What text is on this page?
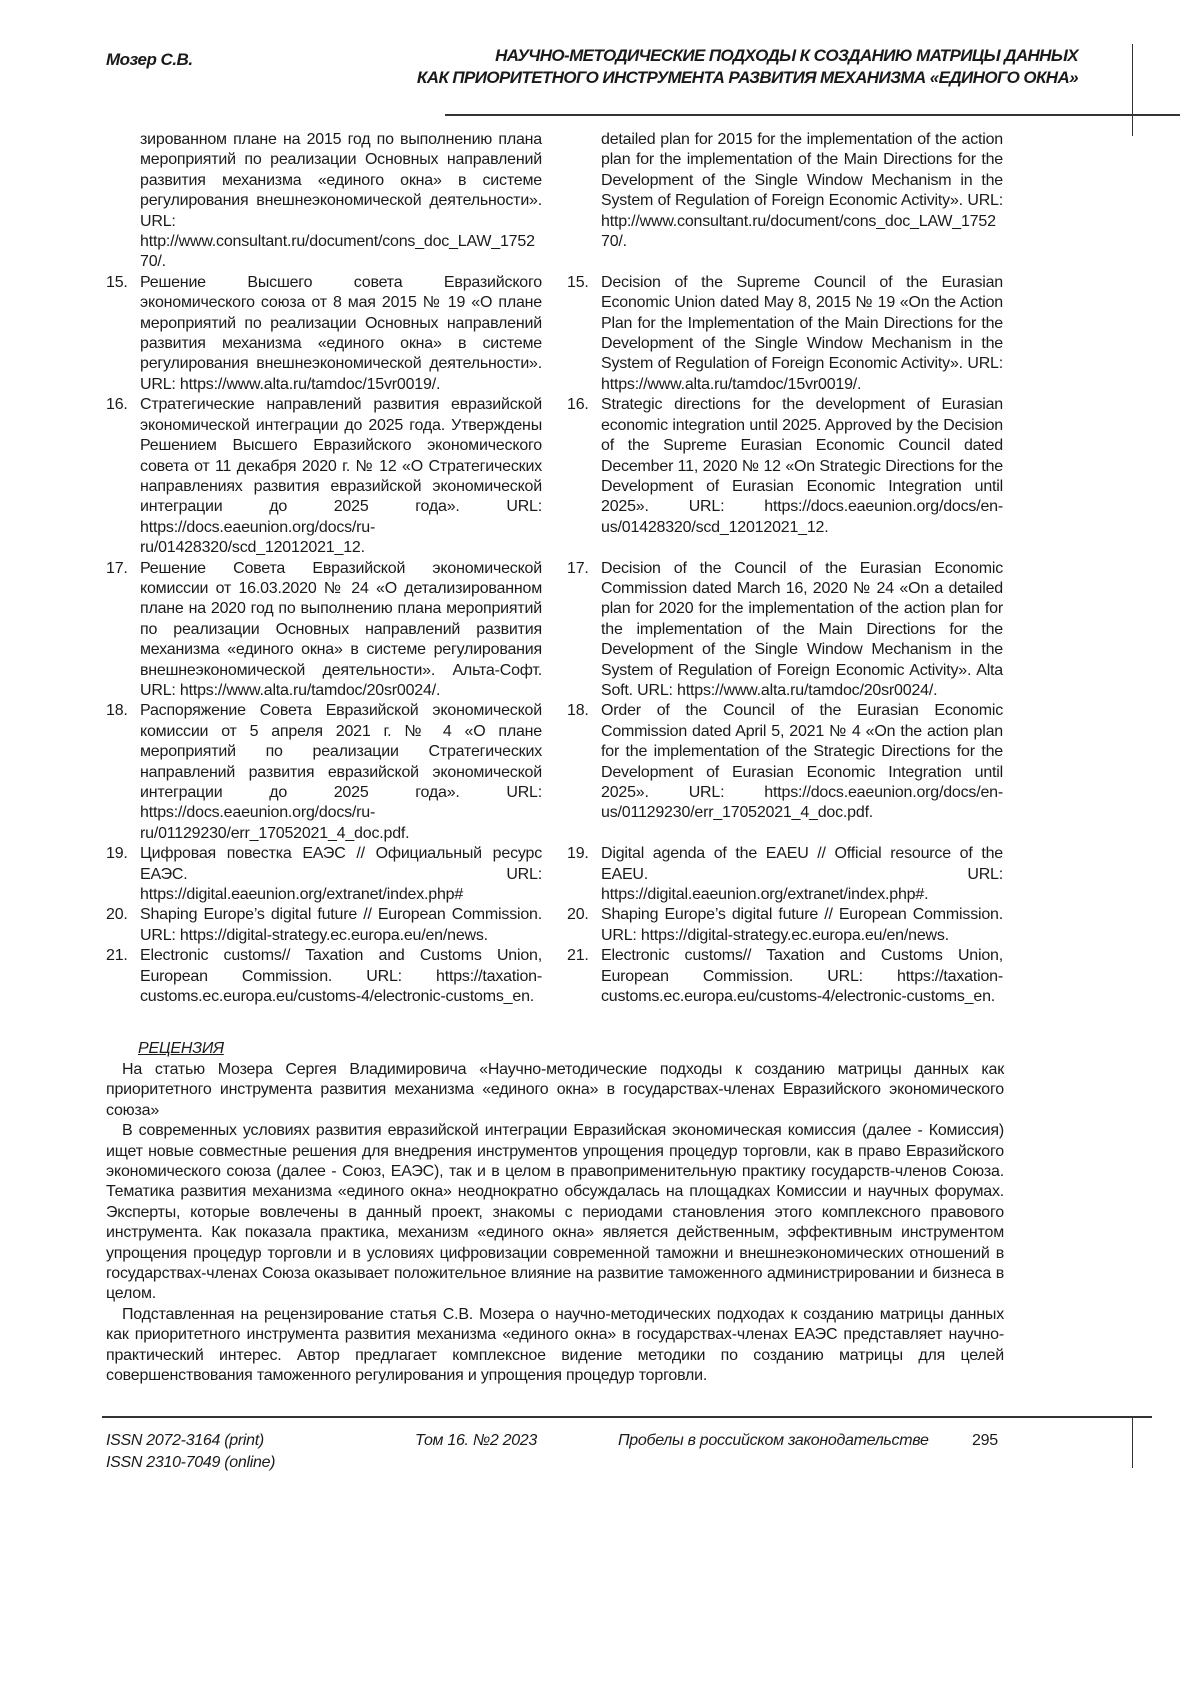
Мозер С.В.	НАУЧНО-МЕТОДИЧЕСКИЕ ПОДХОДЫ К СОЗДАНИЮ МАТРИЦЫ ДАННЫХ
КАК ПРИОРИТЕТНОГО ИНСТРУМЕНТА РАЗВИТИЯ МЕХАНИЗМА «ЕДИНОГО ОКНА»
зированном плане на 2015 год по выполнению плана мероприятий по реализации Основных направлений развития механизма «единого окна» в системе регулирования внешнеэкономической деятельности». URL: http://www.consultant.ru/document/cons_doc_LAW_175270/.
detailed plan for 2015 for the implementation of the action plan for the implementation of the Main Directions for the Development of the Single Window Mechanism in the System of Regulation of Foreign Economic Activity». URL: http://www.consultant.ru/document/cons_doc_LAW_175270/.
15. Решение Высшего совета Евразийского экономического союза от 8 мая 2015 № 19 «О плане мероприятий по реализации Основных направлений развития механизма «единого окна» в системе регулирования внешнеэкономической деятельности». URL: https://www.alta.ru/tamdoc/15vr0019/.
15. Decision of the Supreme Council of the Eurasian Economic Union dated May 8, 2015 № 19 «On the Action Plan for the Implementation of the Main Directions for the Development of the Single Window Mechanism in the System of Regulation of Foreign Economic Activity». URL: https://www.alta.ru/tamdoc/15vr0019/.
16. Стратегические направлений развития евразийской экономической интеграции до 2025 года. Утверждены Решением Высшего Евразийского экономического совета от 11 декабря 2020 г. № 12 «О Стратегических направлениях развития евразийской экономической интеграции до 2025 года». URL: https://docs.eaeunion.org/docs/ru-ru/01428320/scd_12012021_12.
16. Strategic directions for the development of Eurasian economic integration until 2025. Approved by the Decision of the Supreme Eurasian Economic Council dated December 11, 2020 № 12 «On Strategic Directions for the Development of Eurasian Economic Integration until 2025». URL: https://docs.eaeunion.org/docs/en-us/01428320/scd_12012021_12.
17. Решение Совета Евразийской экономической комиссии от 16.03.2020 № 24 «О детализированном плане на 2020 год по выполнению плана мероприятий по реализации Основных направлений развития механизма «единого окна» в системе регулирования внешнеэкономической деятельности». Альта-Софт. URL: https://www.alta.ru/tamdoc/20sr0024/.
17. Decision of the Council of the Eurasian Economic Commission dated March 16, 2020 № 24 «On a detailed plan for 2020 for the implementation of the action plan for the implementation of the Main Directions for the Development of the Single Window Mechanism in the System of Regulation of Foreign Economic Activity». Alta Soft. URL: https://www.alta.ru/tamdoc/20sr0024/.
18. Распоряжение Совета Евразийской экономической комиссии от 5 апреля 2021 г. № 4 «О плане мероприятий по реализации Стратегических направлений развития евразийской экономической интеграции до 2025 года». URL: https://docs.eaeunion.org/docs/ru-ru/01129230/err_17052021_4_doc.pdf.
18. Order of the Council of the Eurasian Economic Commission dated April 5, 2021 № 4 «On the action plan for the implementation of the Strategic Directions for the Development of Eurasian Economic Integration until 2025». URL: https://docs.eaeunion.org/docs/en-us/01129230/err_17052021_4_doc.pdf.
19. Цифровая повестка ЕАЭС // Официальный ресурс ЕАЭС. URL: https://digital.eaeunion.org/extranet/index.php#
19. Digital agenda of the EAEU // Official resource of the EAEU. URL: https://digital.eaeunion.org/extranet/index.php#.
20. Shaping Europe’s digital future // European Commission. URL: https://digital-strategy.ec.europa.eu/en/news.
20. Shaping Europe’s digital future // European Commission. URL: https://digital-strategy.ec.europa.eu/en/news.
21. Electronic customs// Taxation and Customs Union, European Commission. URL: https://taxation-customs.ec.europa.eu/customs-4/electronic-customs_en.
21. Electronic customs// Taxation and Customs Union, European Commission. URL: https://taxation-customs.ec.europa.eu/customs-4/electronic-customs_en.
РЕЦЕНЗИЯ

На статью Мозера Сергея Владимировича «Научно-методические подходы к созданию матрицы данных как приоритетного инструмента развития механизма «единого окна» в государствах-членах Евразийского экономического союза»

В современных условиях развития евразийской интеграции Евразийская экономическая комиссия (далее - Комиссия) ищет новые совместные решения для внедрения инструментов упрощения процедур торговли, как в право Евразийского экономического союза (далее - Союз, ЕАЭС), так и в целом в правоприменительную практику государств-членов Союза. Тематика развития механизма «единого окна» неоднократно обсуждалась на площадках Комиссии и научных форумах. Эксперты, которые вовлечены в данный проект, знакомы с периодами становления этого комплексного правового инструмента. Как показала практика, механизм «единого окна» является действенным, эффективным инструментом упрощения процедур торговли и в условиях цифровизации современной таможни и внешнеэкономических отношений в государствах-членах Союза оказывает положительное влияние на развитие таможенного администрировании и бизнеса в целом.

Подставленная на рецензирование статья С.В. Мозера о научно-методических подходах к созданию матрицы данных как приоритетного инструмента развития механизма «единого окна» в государствах-членах ЕАЭС представляет научно-практический интерес. Автор предлагает комплексное видение методики по созданию матрицы для целей совершенствования таможенного регулирования и упрощения процедур торговли.

ISSN 2072-3164 (print)
ISSN 2310-7049 (online)
Том 16. №2 2023	Пробелы в российском законодательстве	295
